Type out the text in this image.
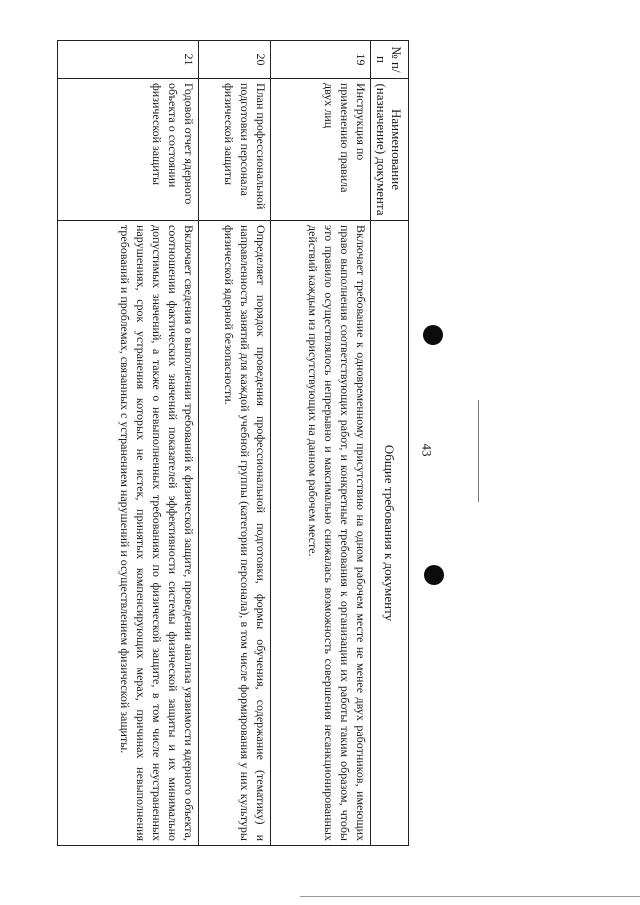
43
№ п/п	Наименование (назначение) документа	Общие требования к документу
19	Инструкция по применению правила двух лиц	Включает требование к одновременному присутствию на одном рабочем месте не менее двух работников, имеющих право выполнения соответствующих работ, и конкретные требования к организации их работы таким образом, чтобы это правило осуществлялось непрерывно и максимально снижалась возможность совершения несанкционированных действий каждым из присутствующих на данном рабочем месте.
20	План профессиональной подготовки персонала физической защиты	Определяет порядок проведения профессиональной подготовки, формы обучения, содержание (тематику) и направленность занятий для каждой учебной группы (категории персонала), в том числе формирования у них культуры физической ядерной безопасности.
21	Годовой отчет ядерного объекта о состоянии физической защиты	Включает сведения о выполнении требований к физической защите, проведении анализа уязвимости ядерного объекта, соотношении фактических значений показателей эффективности системы физической защиты и их минимально допустимых значений, а также о невыполненных требованиях по физической защите, в том числе неустраненных нарушениях, срок устранения которых не истек, принятых компенсирующих мерах, причинах невыполнения требований и проблемах, связанных с устранением нарушений и осуществлением физической защиты.
